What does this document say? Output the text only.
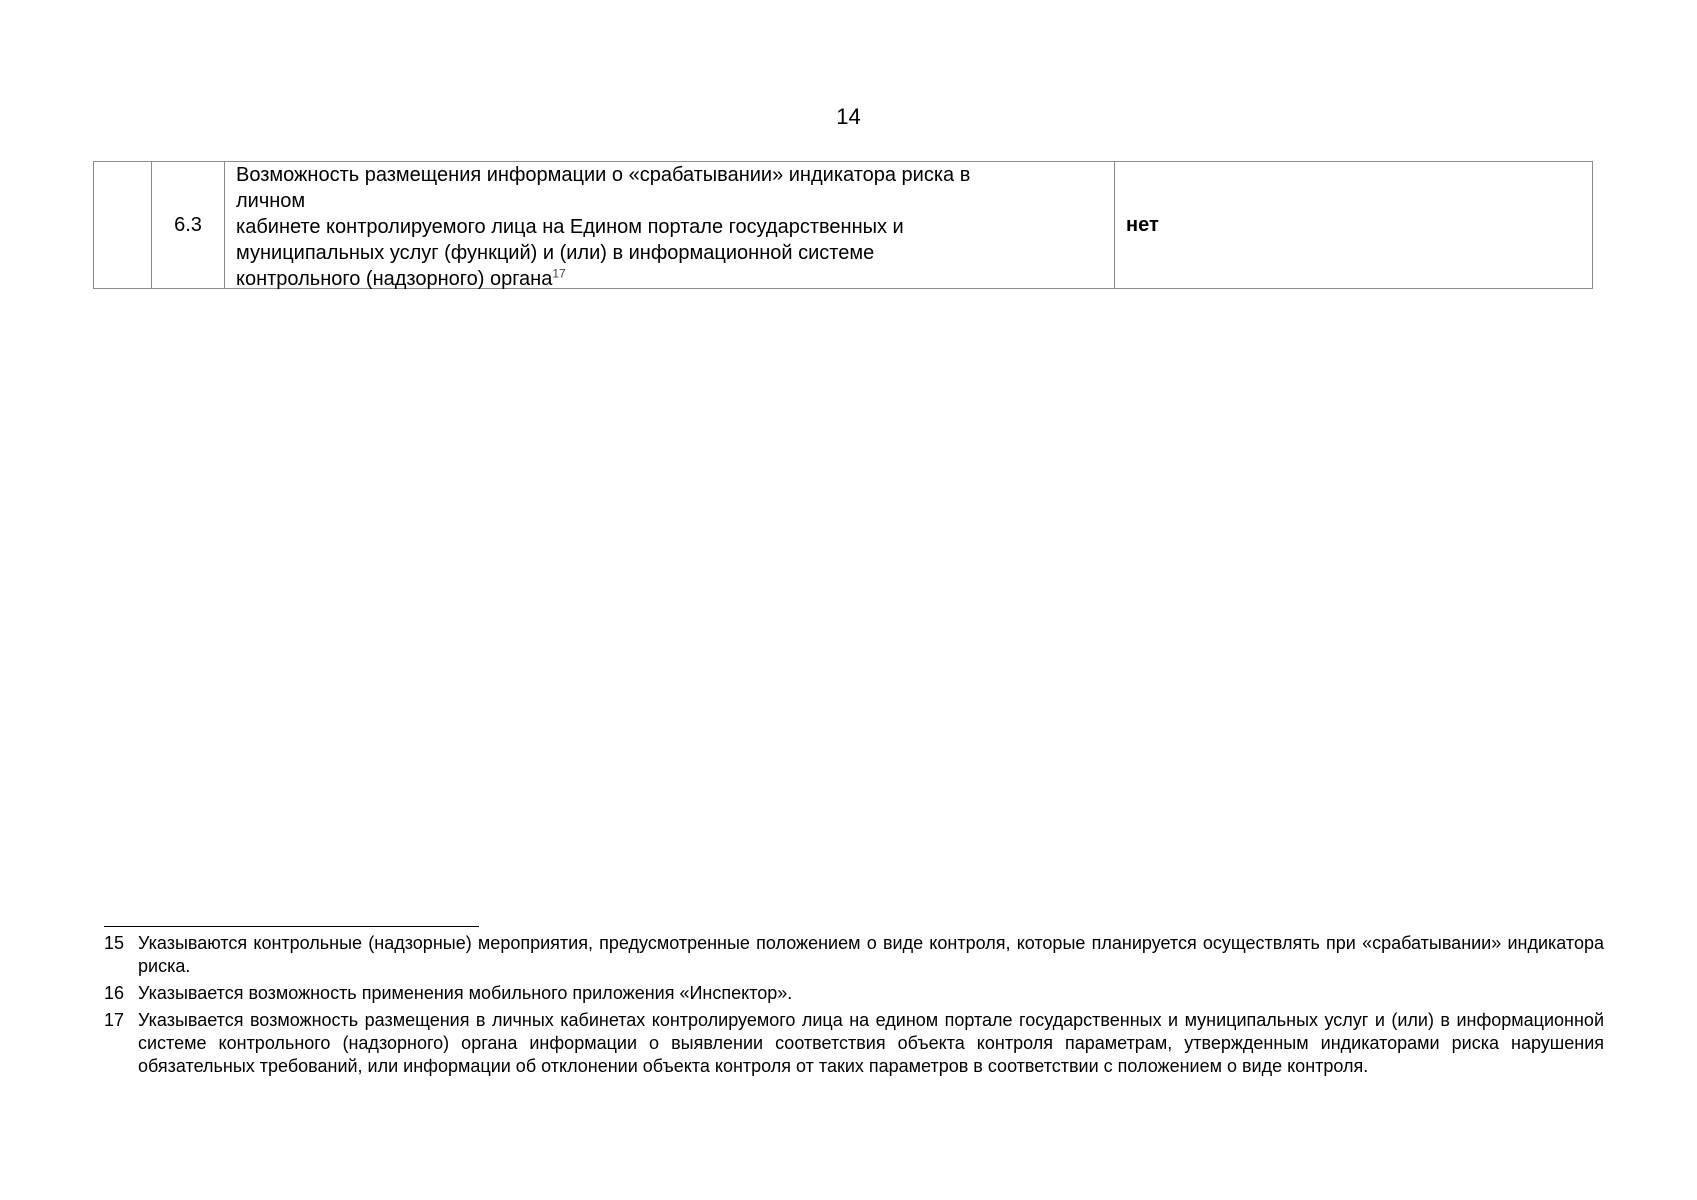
14
6.3

Возможность размещения информации о «срабатывании» индикатора риска в

личном

кабинете контролируемого лица на Едином портале государственных и

муниципальных услуг (функций) и (или) в информационной системе

контрольного (надзорного) органа$^{17}$

нет
15 Указываются контрольные (надзорные) мероприятия, предусмотренные положением о виде контроля, которые планируется осуществлять при «срабатывании» индикатора риска.
16 Указывается возможность применения мобильного приложения «Инспектор».
17 Указывается возможность размещения в личных кабинетах контролируемого лица на едином портале государственных и муниципальных услуг и (или) в информационной системе контрольного (надзорного) органа информации о выявлении соответствия объекта контроля параметрам, утвержденным индикаторами риска нарушения обязательных требований, или информации об отклонении объекта контроля от таких параметров в соответствии с положением о виде контроля.
